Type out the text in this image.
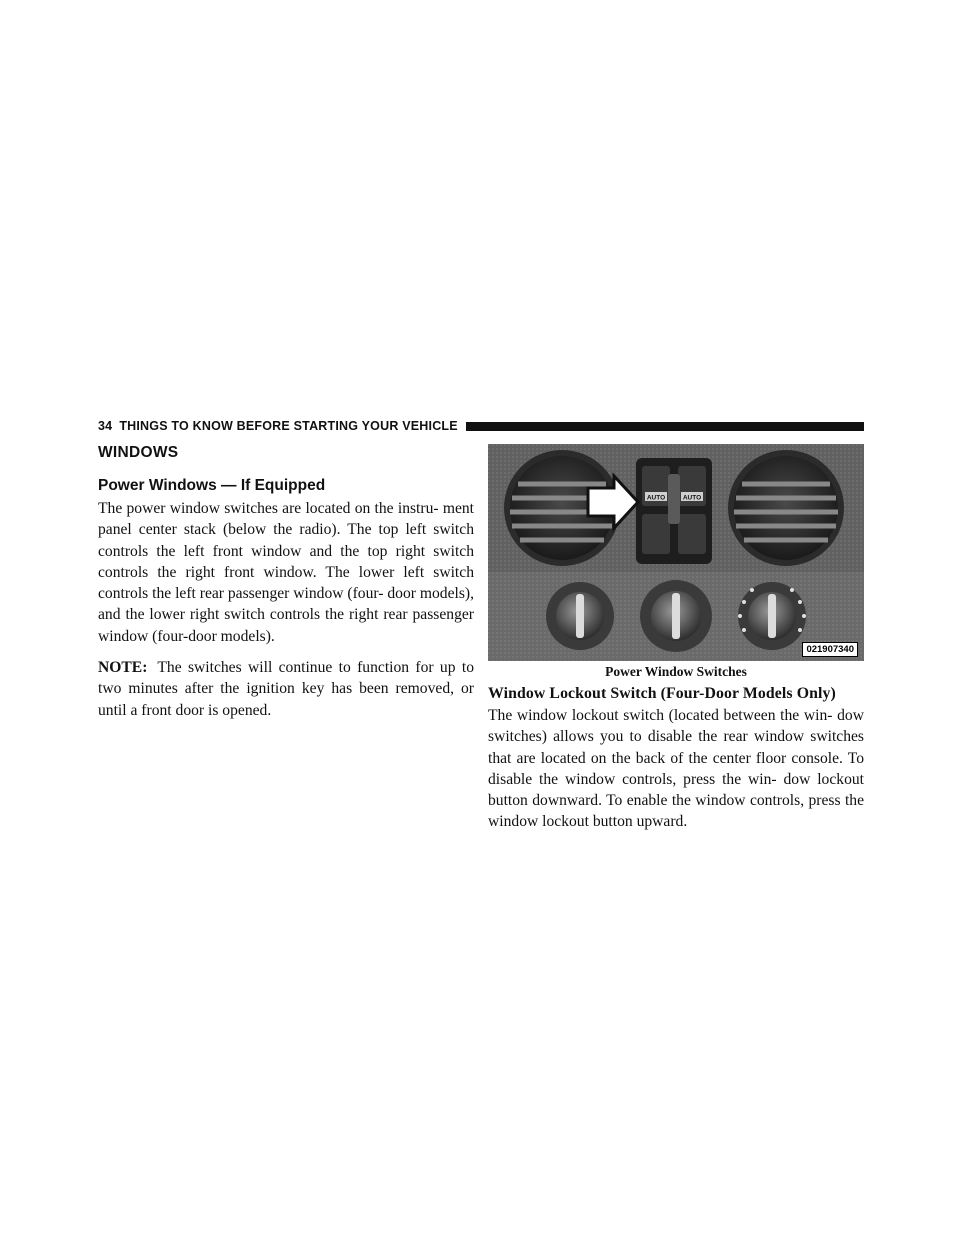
34 THINGS TO KNOW BEFORE STARTING YOUR VEHICLE
WINDOWS
Power Windows — If Equipped

The power window switches are located on the instru- ment panel center stack (below the radio). The top left switch controls the left front window and the top right switch controls the right front window. The lower left switch controls the left rear passenger window (four- door models), and the lower right switch controls the right rear passenger window (four-door models).

NOTE: The switches will continue to function for up to two minutes after the ignition key has been removed, or until a front door is opened.

AUTO	AUTO
021907340
Power Window Switches
Window Lockout Switch (Four-Door Models Only)

The window lockout switch (located between the win- dow switches) allows you to disable the rear window switches that are located on the back of the center floor console. To disable the window controls, press the win- dow lockout button downward. To enable the window controls, press the window lockout button upward.
